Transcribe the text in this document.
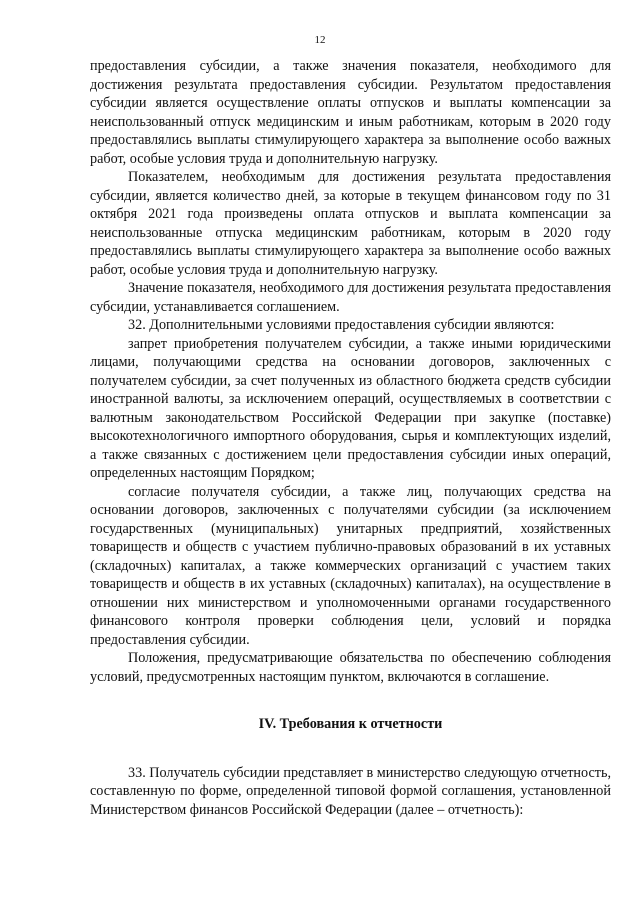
12

предоставления субсидии, а также значения показателя, необходимого для достижения результата предоставления субсидии. Результатом предоставления субсидии является осуществление оплаты отпусков и выплаты компенсации за неиспользованный отпуск медицинским и иным работникам, которым в 2020 году предоставлялись выплаты стимулирующего характера за выполнение особо важных работ, особые условия труда и дополнительную нагрузку.

Показателем, необходимым для достижения результата предоставления субсидии, является количество дней, за которые в текущем финансовом году по 31 октября 2021 года произведены оплата отпусков и выплата компенсации за неиспользованные отпуска медицинским работникам, которым в 2020 году предоставлялись выплаты стимулирующего характера за выполнение особо важных работ, особые условия труда и дополнительную нагрузку.

Значение показателя, необходимого для достижения результата предоставления субсидии, устанавливается соглашением.

32. Дополнительными условиями предоставления субсидии являются:

запрет приобретения получателем субсидии, а также иными юридическими лицами, получающими средства на основании договоров, заключенных с получателем субсидии, за счет полученных из областного бюджета средств субсидии иностранной валюты, за исключением операций, осуществляемых в соответствии с валютным законодательством Российской Федерации при закупке (поставке) высокотехнологичного импортного оборудования, сырья и комплектующих изделий, а также связанных с достижением цели предоставления субсидии иных операций, определенных настоящим Порядком;

согласие получателя субсидии, а также лиц, получающих средства на основании договоров, заключенных с получателями субсидии (за исключением государственных (муниципальных) унитарных предприятий, хозяйственных товариществ и обществ с участием публично-правовых образований в их уставных (складочных) капиталах, а также коммерческих организаций с участием таких товариществ и обществ в их уставных (складочных) капиталах), на осуществление в отношении них министерством и уполномоченными органами государственного финансового контроля проверки соблюдения цели, условий и порядка предоставления субсидии.

Положения, предусматривающие обязательства по обеспечению соблюдения условий, предусмотренных настоящим пунктом, включаются в соглашение.

IV. Требования к отчетности

33. Получатель субсидии представляет в министерство следующую отчетность, составленную по форме, определенной типовой формой соглашения, установленной Министерством финансов Российской Федерации (далее – отчетность):
